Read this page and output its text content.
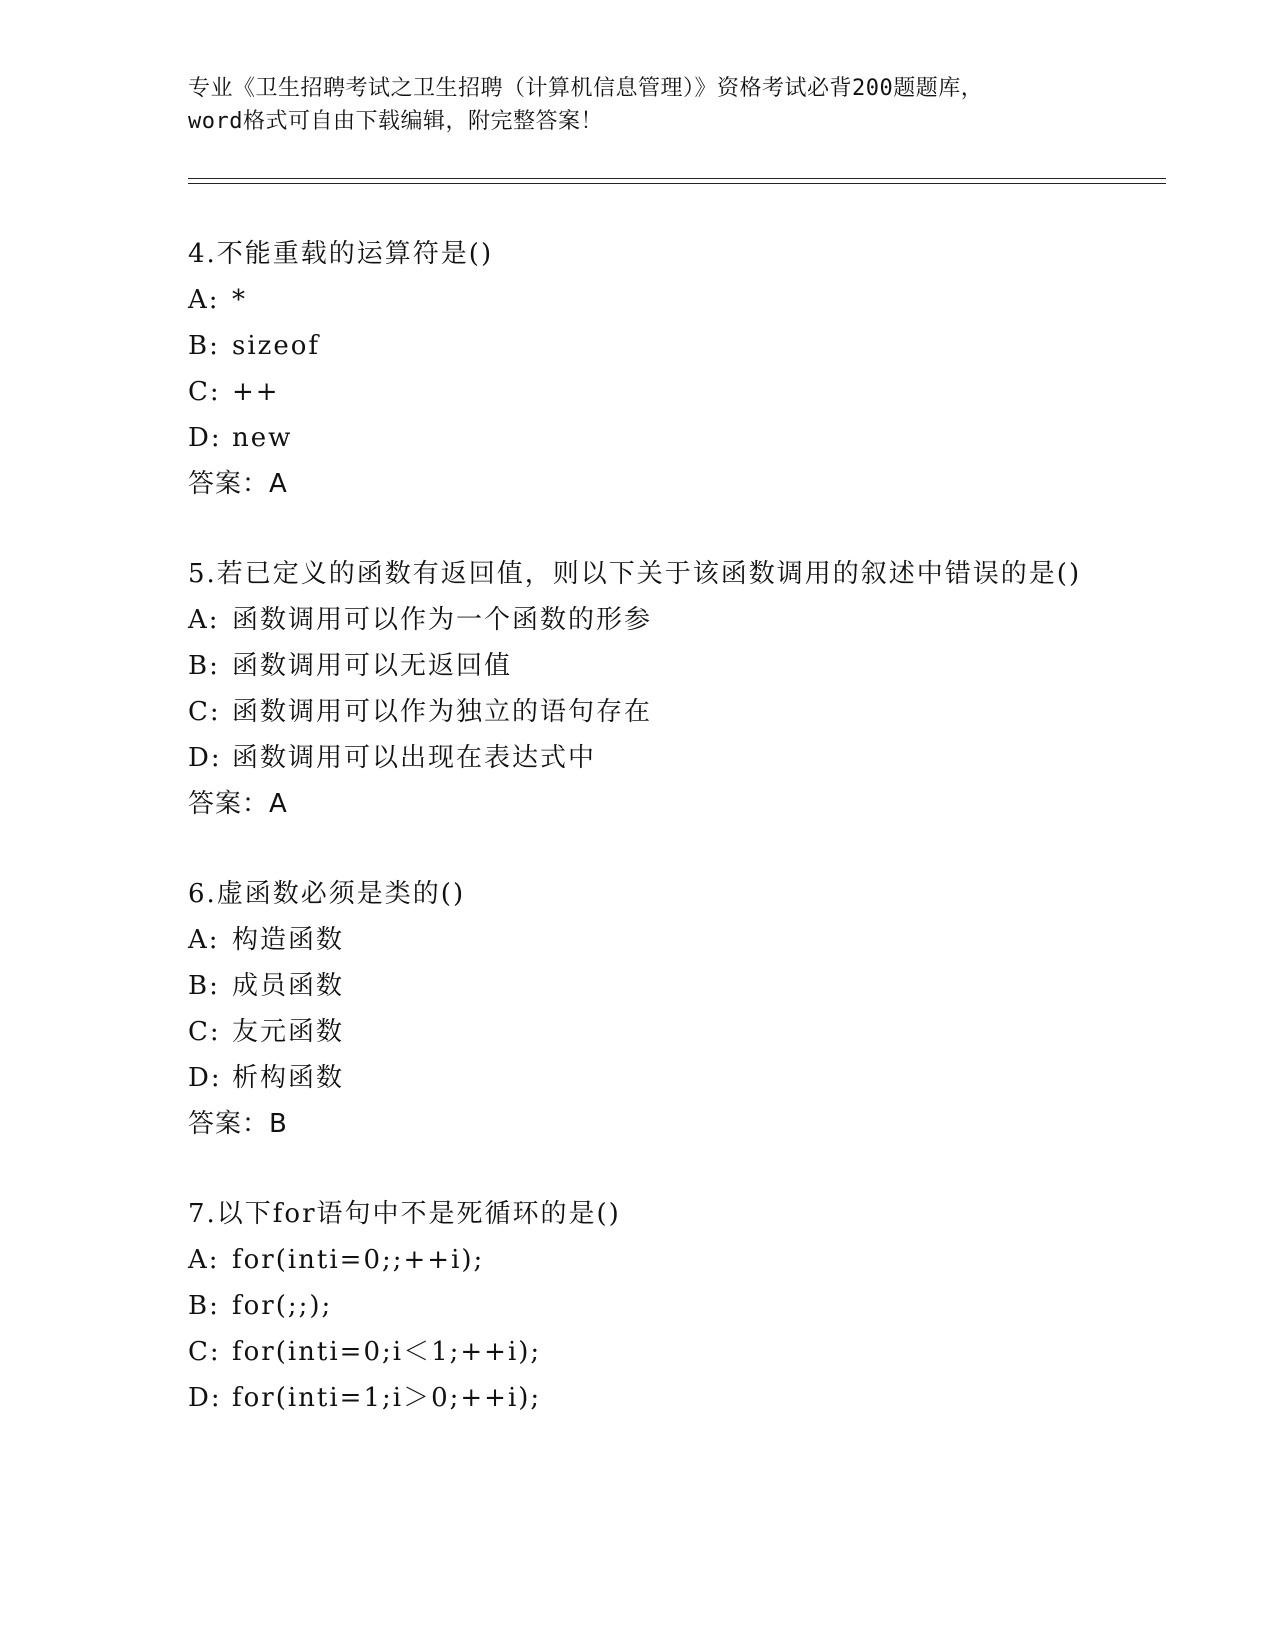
专业《卫生招聘考试之卫生招聘（计算机信息管理）》资格考试必背200题题库，
word格式可自由下载编辑，附完整答案！

4.不能重载的运算符是()

A: *
B: sizeof
C: ++
D: new
答案：A

5.若已定义的函数有返回值，则以下关于该函数调用的叙述中错误的是()

A: 函数调用可以作为一个函数的形参
B: 函数调用可以无返回值
C: 函数调用可以作为独立的语句存在
D: 函数调用可以出现在表达式中
答案：A

6.虚函数必须是类的()

A: 构造函数
B: 成员函数
C: 友元函数
D: 析构函数
答案：B

7.以下for语句中不是死循环的是()

A: for(inti=0;;++i);
B: for(;;);
C: for(inti=0;i＜1;++i);
D: for(inti=1;i＞0;++i);
